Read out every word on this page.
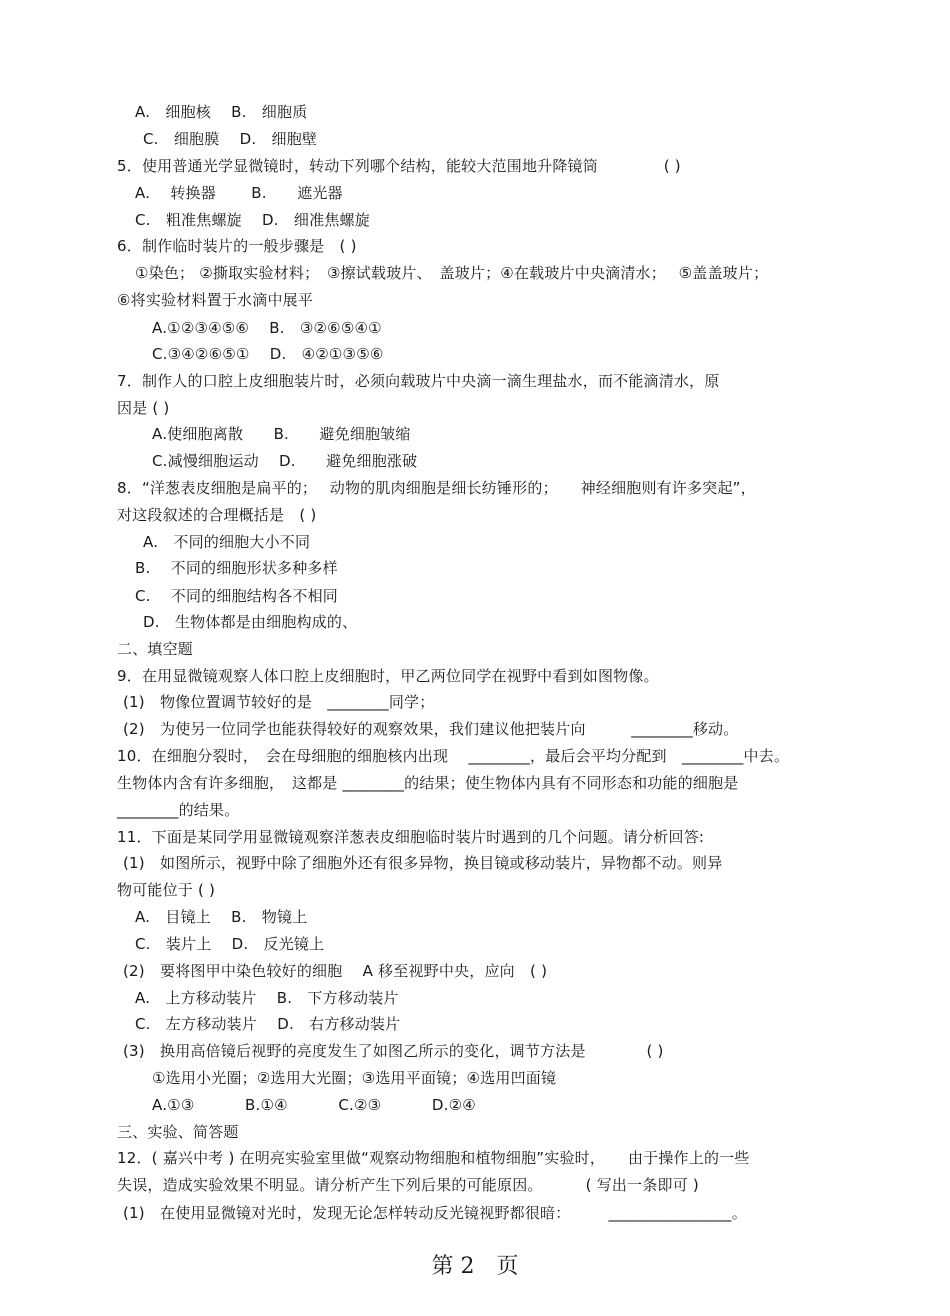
A.　细胞核　 B.　细胞质
C.　细胞膜　 D.　细胞壁
5．使用普通光学显微镜时，转动下列哪个结构，能较大范围地升降镜筒　　　　 ( )
A.　 转换器　　 B.　　遮光器
C.　粗准焦螺旋　 D.　细准焦螺旋
6．制作临时装片的一般步骤是　( )
①染色； ②撕取实验材料；　③擦试载玻片、　盖玻片；④在载玻片中央滴清水；　 ⑤盖盖玻片；
⑥将实验材料置于水滴中展平
A.①②③④⑤⑥　 B.　③②⑥⑤④①
C.③④②⑥⑤①　 D.　④②①③⑤⑥
7．制作人的口腔上皮细胞装片时，必须向载玻片中央滴一滴生理盐水，而不能滴清水，原
因是 ( )
A.使细胞离散　　B.　　避免细胞皱缩
C.减慢细胞运动　 D.　　避免细胞涨破
8．“洋葱表皮细胞是扁平的；　 动物的肌肉细胞是细长纺锤形的；　　神经细胞则有许多突起”，
对这段叙述的合理概括是　( )
A.　不同的细胞大小不同
B.　 不同的细胞形状多种多样
C.　 不同的细胞结构各不相同
D.　生物体都是由细胞构成的、
二、填空题
9．在用显微镜观察人体口腔上皮细胞时，甲乙两位同学在视野中看到如图物像。
(1)　物像位置调节较好的是　________同学；
(2)　为使另一位同学也能获得较好的观察效果，我们建议他把装片向　　　________移动。
10．在细胞分裂时，　会在母细胞的细胞核内出现　 ________，最后会平均分配到　________中去。
生物体内含有许多细胞，　这都是 ________的结果；使生物体内具有不同形态和功能的细胞是
________的结果。
11．下面是某同学用显微镜观察洋葱表皮细胞临时装片时遇到的几个问题。请分析回答:
(1)　如图所示，视野中除了细胞外还有很多异物，换目镜或移动装片，异物都不动。则异
物可能位于 ( )
A.　目镜上　 B.　物镜上
C.　装片上　 D.　反光镜上
(2)　要将图甲中染色较好的细胞　 A 移至视野中央，应向　( )
A.　上方移动装片　 B.　下方移动装片
C.　左方移动装片　 D.　右方移动装片
(3)　换用高倍镜后视野的亮度发生了如图乙所示的变化，调节方法是　　　　( )
①选用小光圈；②选用大光圈；③选用平面镜；④选用凹面镜
A.①③　　　 B.①④　　　 C.②③　　　 D.②④
三、实验、简答题
12．( 嘉兴中考 ) 在明亮实验室里做“观察动物细胞和植物细胞”实验时，　　由于操作上的一些
失误，造成实验效果不明显。请分析产生下列后果的可能原因。　　　 ( 写出一条即可 )
(1)　在使用显微镜对光时，发现无论怎样转动反光镜视野都很暗：　　　________________。
第 2　页
